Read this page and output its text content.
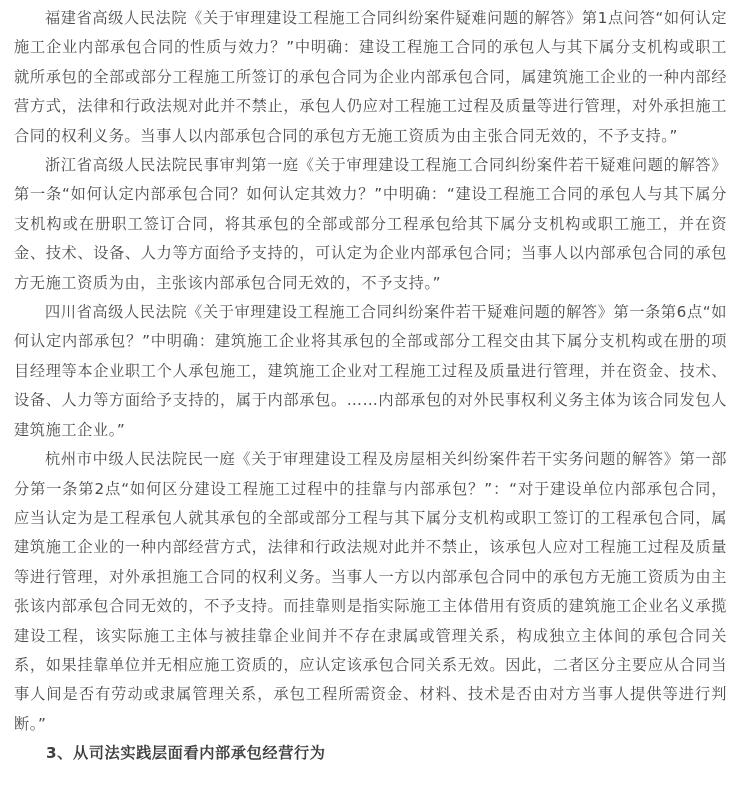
福建省高级人民法院《关于审理建设工程施工合同纠纷案件疑难问题的解答》第1点问答“如何认定施工企业内部承包合同的性质与效力？”中明确：建设工程施工合同的承包人与其下属分支机构或职工就所承包的全部或部分工程施工所签订的承包合同为企业内部承包合同，属建筑施工企业的一种内部经营方式，法律和行政法规对此并不禁止，承包人仍应对工程施工过程及质量等进行管理，对外承担施工合同的权利义务。当事人以内部承包合同的承包方无施工资质为由主张合同无效的，不予支持。”

浙江省高级人民法院民事审判第一庭《关于审理建设工程施工合同纠纷案件若干疑难问题的解答》第一条“如何认定内部承包合同？如何认定其效力？”中明确：“建设工程施工合同的承包人与其下属分支机构或在册职工签订合同，将其承包的全部或部分工程承包给其下属分支机构或职工施工，并在资金、技术、设备、人力等方面给予支持的，可认定为企业内部承包合同；当事人以内部承包合同的承包方无施工资质为由，主张该内部承包合同无效的，不予支持。”

四川省高级人民法院《关于审理建设工程施工合同纠纷案件若干疑难问题的解答》第一条第6点“如何认定内部承包？”中明确：建筑施工企业将其承包的全部或部分工程交由其下属分支机构或在册的项目经理等本企业职工个人承包施工，建筑施工企业对工程施工过程及质量进行管理，并在资金、技术、设备、人力等方面给予支持的，属于内部承包。……内部承包的对外民事权利义务主体为该合同发包人建筑施工企业。”

杭州市中级人民法院民一庭《关于审理建设工程及房屋相关纠纷案件若干实务问题的解答》第一部分第一条第2点“如何区分建设工程施工过程中的挂靠与内部承包？”：“对于建设单位内部承包合同，应当认定为是工程承包人就其承包的全部或部分工程与其下属分支机构或职工签订的工程承包合同，属建筑施工企业的一种内部经营方式，法律和行政法规对此并不禁止，该承包人应对工程施工过程及质量等进行管理，对外承担施工合同的权利义务。当事人一方以内部承包合同中的承包方无施工资质为由主张该内部承包合同无效的，不予支持。而挂靠则是指实际施工主体借用有资质的建筑施工企业名义承揽建设工程，该实际施工主体与被挂靠企业间并不存在隶属或管理关系，构成独立主体间的承包合同关系，如果挂靠单位并无相应施工资质的，应认定该承包合同关系无效。因此，二者区分主要应从合同当事人间是否有劳动或隶属管理关系，承包工程所需资金、材料、技术是否由对方当事人提供等进行判断。”

3、从司法实践层面看内部承包经营行为
